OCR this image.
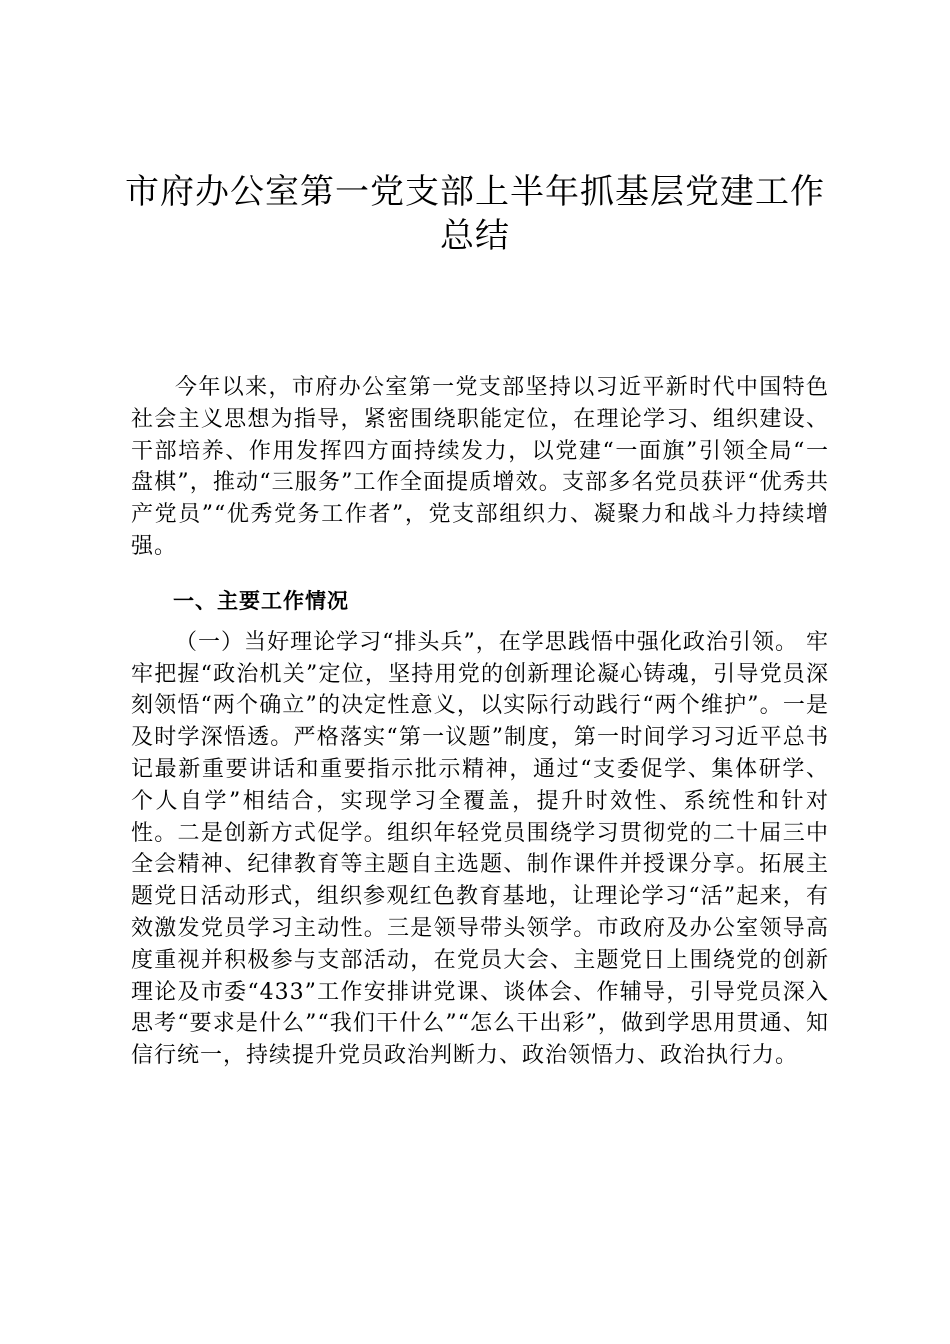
市府办公室第一党支部上半年抓基层党建工作
总结

今年以来，市府办公室第一党支部坚持以习近平新时代中国特色社会主义思想为指导，紧密围绕职能定位，在理论学习、组织建设、干部培养、作用发挥四方面持续发力，以党建“一面旗”引领全局“一盘棋”，推动“三服务”工作全面提质增效。支部多名党员获评“优秀共产党员”“优秀党务工作者”，党支部组织力、凝聚力和战斗力持续增强。

一、主要工作情况

（一）当好理论学习“排头兵”，在学思践悟中强化政治引领。 牢牢把握“政治机关”定位，坚持用党的创新理论凝心铸魂，引导党员深刻领悟“两个确立”的决定性意义，以实际行动践行“两个维护”。一是及时学深悟透。严格落实“第一议题”制度，第一时间学习习近平总书记最新重要讲话和重要指示批示精神，通过“支委促学、集体研学、个人自学”相结合，实现学习全覆盖，提升时效性、系统性和针对性。二是创新方式促学。组织年轻党员围绕学习贯彻党的二十届三中全会精神、纪律教育等主题自主选题、制作课件并授课分享。拓展主题党日活动形式，组织参观红色教育基地，让理论学习“活”起来，有效激发党员学习主动性。三是领导带头领学。市政府及办公室领导高度重视并积极参与支部活动，在党员大会、主题党日上围绕党的创新理论及市委“433”工作安排讲党课、谈体会、作辅导，引导党员深入思考“要求是什么”“我们干什么”“怎么干出彩”，做到学思用贯通、知信行统一，持续提升党员政治判断力、政治领悟力、政治执行力。
